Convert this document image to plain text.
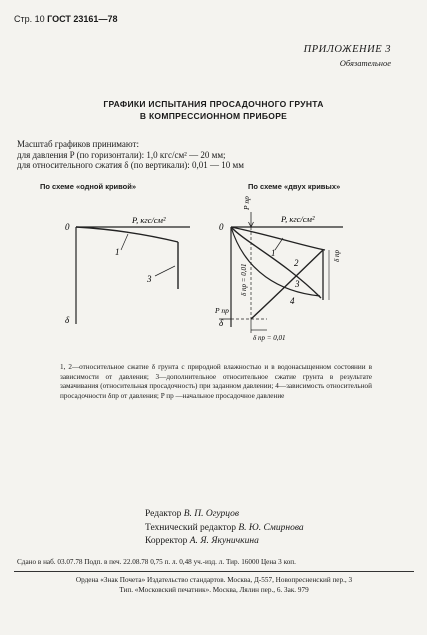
Стр. 10 ГОСТ 23161—78
ПРИЛОЖЕНИЕ 3
Обязательное
ГРАФИКИ ИСПЫТАНИЯ ПРОСАДОЧНОГО ГРУНТА
В КОМПРЕССИОННОМ ПРИБОРЕ
Масштаб графиков принимают:
для давления P (по горизонтали): 1,0 кгс/см² — 20 мм;
для относительного сжатия δ (по вертикали): 0,01 — 10 мм
По схеме «одной кривой»	По схеме «двух кривых»
0
P, кгс/см²
δ
1
3
0
P, кгс/см²
δ
P пр
1
2
3
4
δ пр = 0,01
δ пр
P пр
δ пр = 0,01
1, 2—относительное сжатие δ грунта с природной влажностью и в водонасыщенном состоянии в зависимости от давления; 3—дополнительное относительное сжатие грунта в результате замачивания (относительная просадочность) при заданном давлении; 4—зависимость относительной просадочности δпр от давления; P пр —начальное просадочное давление
Редактор В. П. Огурцов
Технический редактор В. Ю. Смирнова
Корректор А. Я. Якуничкина
Сдано в наб. 03.07.78 Подп. в печ. 22.08.78 0,75 п. л. 0,48 уч.-изд. л. Тир. 16000 Цена 3 коп.
Ордена «Знак Почета» Издательство стандартов. Москва, Д-557, Новопресненский пер., 3
Тип. «Московский печатник». Москва, Лялин пер., 6. Зак. 979
